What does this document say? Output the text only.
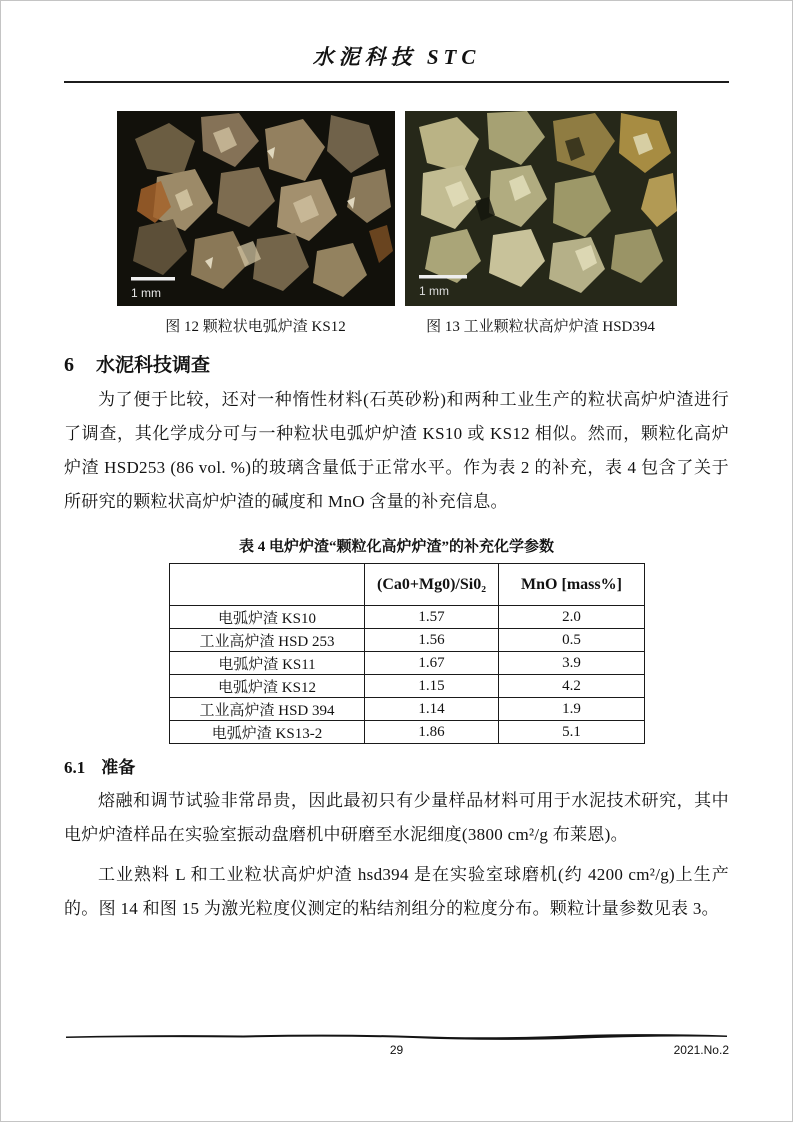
水泥科技 STC
1 mm
图 12 颗粒状电弧炉渣 KS12
1 mm
图 13 工业颗粒状高炉炉渣 HSD394
6 水泥科技调查

为了便于比较，还对一种惰性材料(石英砂粉)和两种工业生产的粒状高炉炉渣进行了调查，其化学成分可与一种粒状电弧炉炉渣 KS10 或 KS12 相似。然而，颗粒化高炉炉渣 HSD253 (86 vol. %)的玻璃含量低于正常水平。作为表 2 的补充，表 4 包含了关于所研究的颗粒状高炉炉渣的碱度和 MnO 含量的补充信息。

表 4 电炉炉渣“颗粒化高炉炉渣”的补充化学参数
	(Ca0+Mg0)/Si0₂	MnO [mass%]
电弧炉渣 KS10	1.57	2.0
工业高炉渣 HSD 253	1.56	0.5
电弧炉渣 KS11	1.67	3.9
电弧炉渣 KS12	1.15	4.2
工业高炉渣 HSD 394	1.14	1.9
电弧炉渣 KS13-2	1.86	5.1
6.1 准备

熔融和调节试验非常昂贵，因此最初只有少量样品材料可用于水泥技术研究，其中电炉炉渣样品在实验室振动盘磨机中研磨至水泥细度(3800 cm²/g 布莱恩)。

工业熟料 L 和工业粒状高炉炉渣 hsd394 是在实验室球磨机(约 4200 cm²/g)上生产的。图 14 和图 15 为激光粒度仪测定的粘结剂组分的粒度分布。颗粒计量参数见表 3。

29	2021.No.2
